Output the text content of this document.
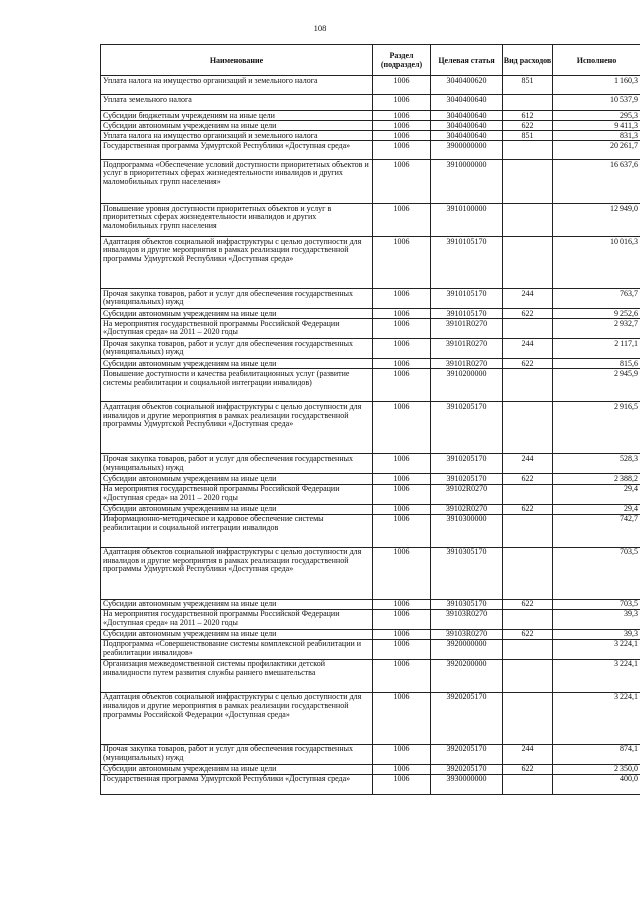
108
Наименование	Раздел (подраздел)	Целевая статья	Вид расходов	Исполнено
Уплата налога на имущество организаций и земельного налога	1006	3040400620	851	1 160,3
Уплата земельного налога	1006	3040400640		10 537,9
Субсидии бюджетным учреждениям на иные цели	1006	3040400640	612	295,3
Субсидии автономным учреждениям на иные цели	1006	3040400640	622	9 411,3
Уплата налога на имущество организаций и земельного налога	1006	3040400640	851	831,3
Государственная программа Удмуртской Республики «Доступная среда»	1006	3900000000		20 261,7
Подпрограмма «Обеспечение условий доступности приоритетных объектов и услуг в приоритетных сферах жизнедеятельности инвалидов и других маломобильных групп населения»	1006	3910000000		16 637,6
Повышение уровня доступности приоритетных объектов и услуг в приоритетных сферах жизнедеятельности инвалидов и других маломобильных групп населения	1006	3910100000		12 949,0
Адаптация объектов социальной инфраструктуры с целью доступности для инвалидов и другие мероприятия в рамках реализации государственной программы Удмуртской Республики «Доступная среда»	1006	3910105170		10 016,3
Прочая закупка товаров, работ и услуг для обеспечения государственных (муниципальных) нужд	1006	3910105170	244	763,7
Субсидии автономным учреждениям на иные цели	1006	3910105170	622	9 252,6
На мероприятия государственной программы Российской Федерации «Доступная среда» на 2011 – 2020 годы	1006	39101R0270		2 932,7
Прочая закупка товаров, работ и услуг для обеспечения государственных (муниципальных) нужд	1006	39101R0270	244	2 117,1
Субсидии автономным учреждениям на иные цели	1006	39101R0270	622	815,6
Повышение доступности и качества реабилитационных услуг (развитие системы реабилитации и социальной интеграции инвалидов)	1006	3910200000		2 945,9
Адаптация объектов социальной инфраструктуры с целью доступности для инвалидов и другие мероприятия в рамках реализации государственной программы Удмуртской Республики «Доступная среда»	1006	3910205170		2 916,5
Прочая закупка товаров, работ и услуг для обеспечения государственных (муниципальных) нужд	1006	3910205170	244	528,3
Субсидии автономным учреждениям на иные цели	1006	3910205170	622	2 388,2
На мероприятия государственной программы Российской Федерации «Доступная среда» на 2011 – 2020 годы	1006	39102R0270		29,4
Субсидии автономным учреждениям на иные цели	1006	39102R0270	622	29,4
Информационно-методическое и кадровое обеспечение системы реабилитации и социальной интеграции инвалидов	1006	3910300000		742,7
Адаптация объектов социальной инфраструктуры с целью доступности для инвалидов и другие мероприятия в рамках реализации государственной программы Удмуртской Республики «Доступная среда»	1006	3910305170		703,5
Субсидии автономным учреждениям на иные цели	1006	3910305170	622	703,5
На мероприятия государственной программы Российской Федерации «Доступная среда» на 2011 – 2020 годы	1006	39103R0270		39,3
Субсидии автономным учреждениям на иные цели	1006	39103R0270	622	39,3
Подпрограмма «Совершенствование системы комплексной реабилитации и реабилитации инвалидов»	1006	3920000000		3 224,1
Организация межведомственной системы профилактики детской инвалидности путем развития службы раннего вмешательства	1006	3920200000		3 224,1
Адаптация объектов социальной инфраструктуры с целью доступности для инвалидов и другие мероприятия в рамках реализации государственной программы Российской Федерации «Доступная среда»	1006	3920205170		3 224,1
Прочая закупка товаров, работ и услуг для обеспечения государственных (муниципальных) нужд	1006	3920205170	244	874,1
Субсидии автономным учреждениям на иные цели	1006	3920205170	622	2 350,0
Государственная программа Удмуртской Республики «Доступная среда»	1006	3930000000		400,0
